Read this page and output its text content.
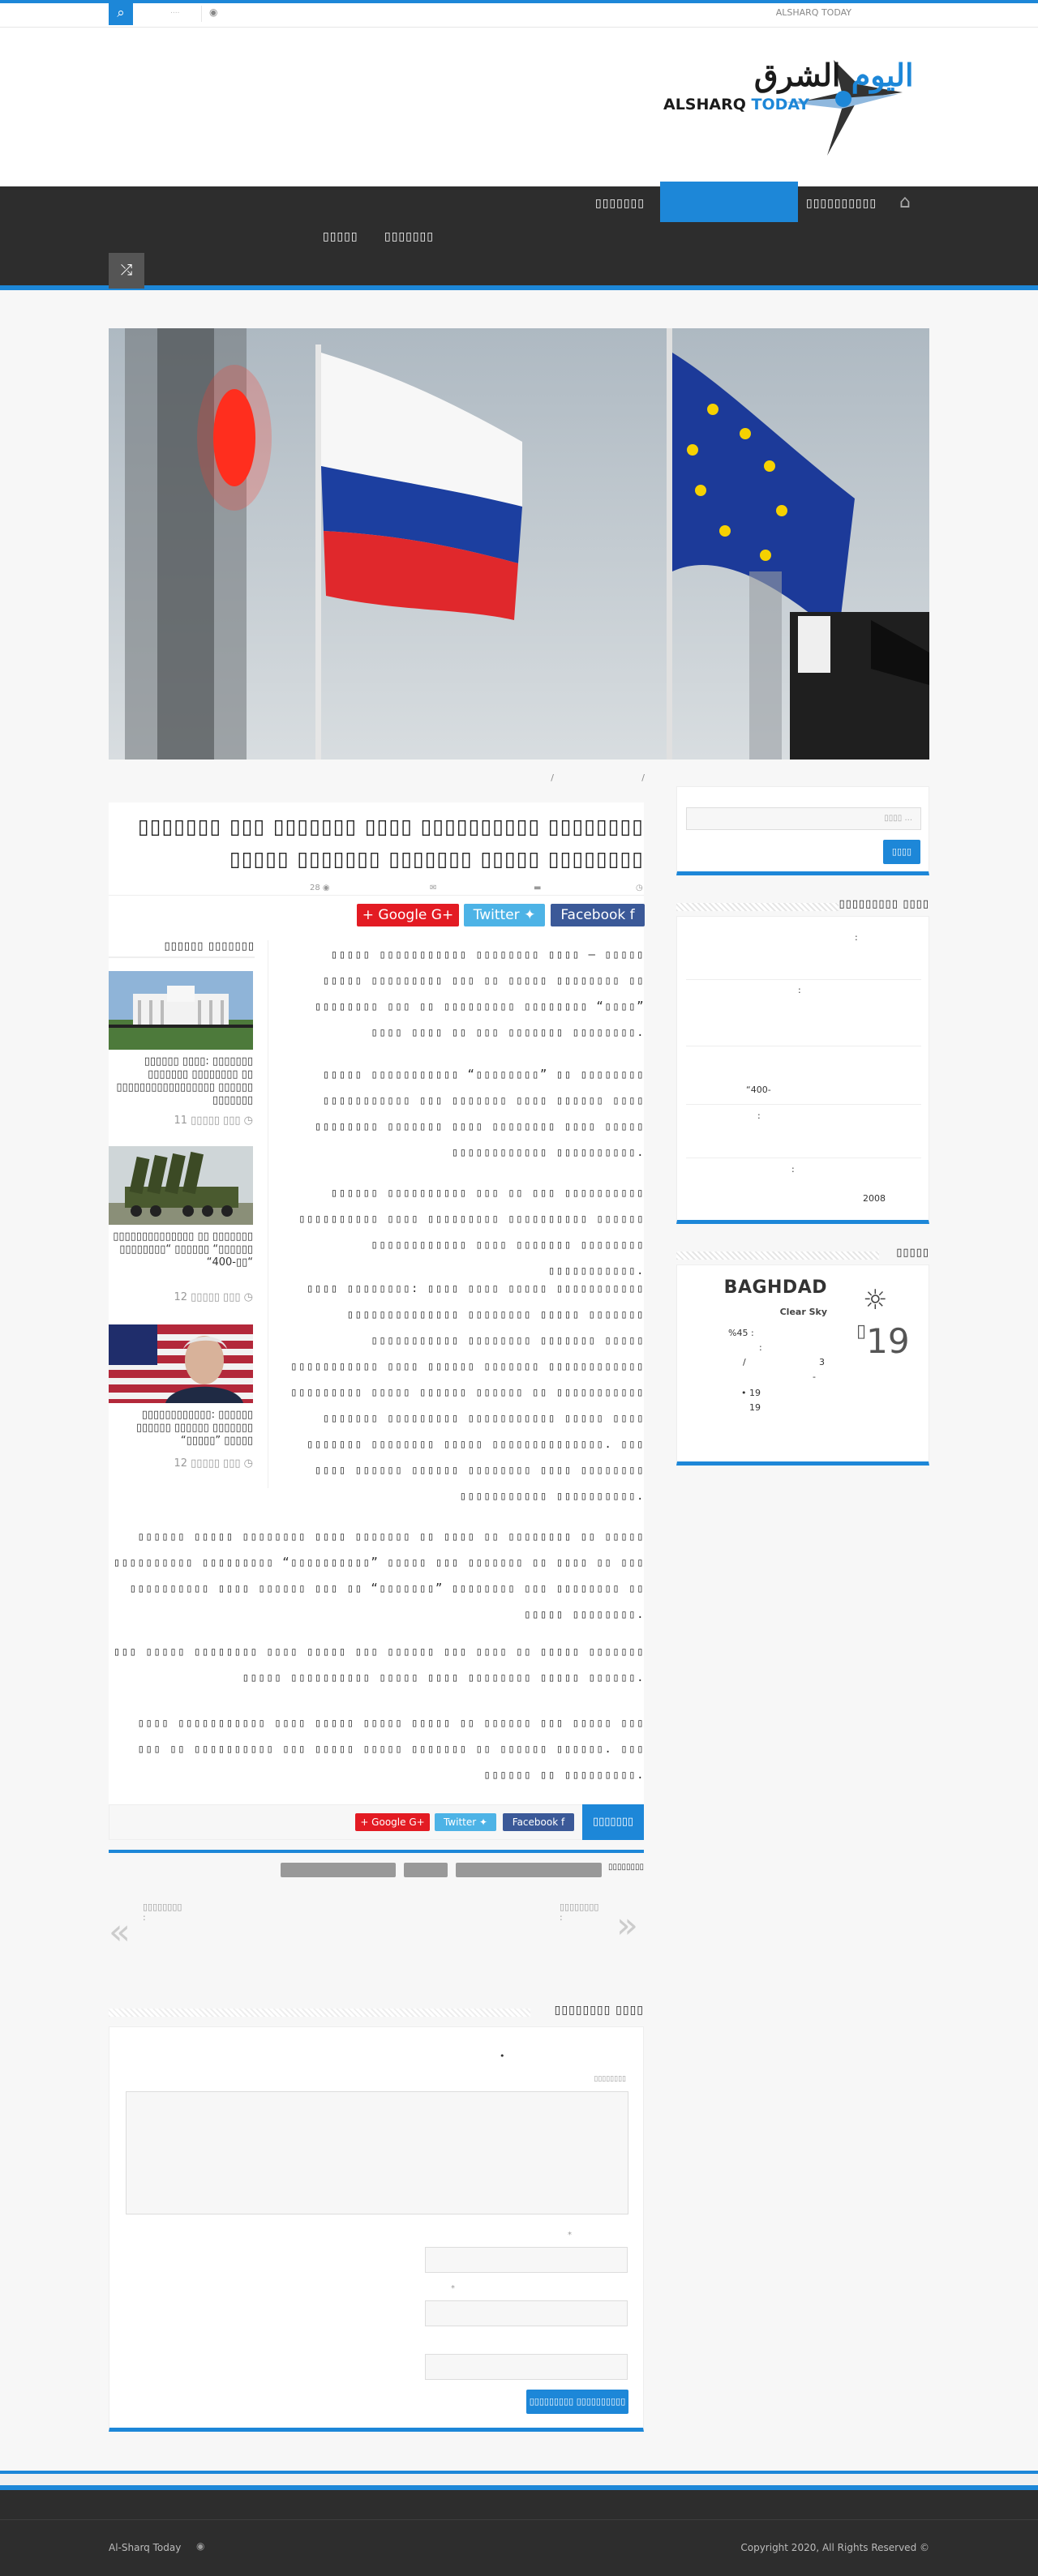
⌕	....	◉	ALSHARQ TODAY
اليوم الشرق
ALSHARQ TODAY
⌂
▯▯▯▯▯▯▯▯▯▯
▯▯▯▯▯▯▯
▯▯▯▯▯▯▯
▯▯▯▯▯
⤮
/                               /
▯▯▯▯▯▯▯ ▯▯▯ ▯▯▯▯▯▯▯ ▯▯▯▯ ▯▯▯▯▯▯▯▯▯▯ ▯▯▯▯▯▯▯▯
▯▯▯▯▯ ▯▯▯▯▯▯▯ ▯▯▯▯▯▯▯ ▯▯▯▯▯ ▯▯▯▯▯▯▯▯
◷
▬
✉
28 ◉
Facebook f
Twitter ✦
+ Google G+
▯▯▯▯▯▯ ▯▯▯▯▯▯▯
▯▯▯▯▯▯ ▯▯▯▯: ▯▯▯▯▯▯▯ ▯▯▯▯▯▯▯ ▯▯▯▯▯▯▯▯ ▯▯ ▯▯▯▯▯▯▯▯▯▯▯▯▯▯▯▯▯ ▯▯▯▯▯▯ ▯▯▯▯▯▯▯
11 ▯▯▯▯▯ ▯▯▯ ◷
▯▯▯▯▯▯▯▯▯▯▯▯▯▯ ▯▯ ▯▯▯▯▯▯▯ ▯▯▯▯▯▯▯▯“ ▯▯▯▯▯▯ “▯▯▯▯▯▯ “400-▯▯“
12 ▯▯▯▯▯ ▯▯▯ ◷
▯▯▯▯▯▯▯▯▯▯▯▯: ▯▯▯▯▯▯ ▯▯▯▯▯▯ ▯▯▯▯▯▯ ▯▯▯▯▯▯▯ “▯▯▯▯▯” ▯▯▯▯▯
12 ▯▯▯▯▯ ▯▯▯ ◷
▯▯▯▯▯ ▯▯▯▯▯▯▯▯▯▯▯ ▯▯▯▯▯▯▯▯ ▯▯▯▯ – ▯▯▯▯▯ ▯▯▯▯▯ ▯▯▯▯▯▯▯▯▯ ▯▯▯ ▯▯ ▯▯▯▯▯ ▯▯▯▯▯▯▯▯ ▯▯ ▯▯▯▯▯▯▯▯ ▯▯▯ ▯▯ ▯▯▯▯▯▯▯▯▯ ▯▯▯▯▯▯▯▯ “▯▯▯▯” ▯▯▯▯ ▯▯▯▯ ▯▯ ▯▯▯ ▯▯▯▯▯▯▯ ▯▯▯▯▯▯▯▯.
▯▯▯▯▯ ▯▯▯▯▯▯▯▯▯▯▯ “▯▯▯▯▯▯▯▯” ▯▯ ▯▯▯▯▯▯▯▯ ▯▯▯▯▯▯▯▯▯▯▯ ▯▯▯ ▯▯▯▯▯▯▯ ▯▯▯▯ ▯▯▯▯▯▯ ▯▯▯▯ ▯▯▯▯▯▯▯▯ ▯▯▯▯▯▯▯ ▯▯▯▯ ▯▯▯▯▯▯▯▯ ▯▯▯▯ ▯▯▯▯▯ ▯▯▯▯▯▯▯▯▯▯▯▯ ▯▯▯▯▯▯▯▯▯▯.
▯▯▯▯▯▯ ▯▯▯▯▯▯▯▯▯▯ ▯▯▯ ▯▯ ▯▯▯ ▯▯▯▯▯▯▯▯▯▯ ▯▯▯▯▯▯▯▯▯▯ ▯▯▯▯ ▯▯▯▯▯▯▯▯▯ ▯▯▯▯▯▯▯▯▯▯ ▯▯▯▯▯▯ ▯▯▯▯▯▯▯▯▯▯▯▯ ▯▯▯▯ ▯▯▯▯▯▯▯ ▯▯▯▯▯▯▯▯ ▯▯▯▯▯▯▯▯▯▯▯.
▯▯▯▯ ▯▯▯▯▯▯▯▯: ▯▯▯▯ ▯▯▯▯ ▯▯▯▯▯ ▯▯▯▯▯▯▯▯▯▯▯ ▯▯▯▯▯▯▯▯▯▯▯▯▯▯ ▯▯▯▯▯▯▯▯ ▯▯▯▯▯ ▯▯▯▯▯▯▯ ▯▯▯▯▯▯▯▯▯▯▯ ▯▯▯▯▯▯▯▯ ▯▯▯▯▯▯▯ ▯▯▯▯▯ ▯▯▯▯▯▯▯▯▯▯▯ ▯▯▯▯ ▯▯▯▯▯▯ ▯▯▯▯▯▯▯ ▯▯▯▯▯▯▯▯▯▯▯▯ ▯▯▯▯▯▯▯▯▯ ▯▯▯▯▯ ▯▯▯▯▯▯ ▯▯▯▯▯▯ ▯▯ ▯▯▯▯▯▯▯▯▯▯▯ ▯▯▯▯▯▯▯ ▯▯▯▯▯▯▯▯▯ ▯▯▯▯▯▯▯▯▯▯▯ ▯▯▯▯▯ ▯▯▯▯ ▯▯▯▯▯▯▯ ▯▯▯▯▯▯▯▯ ▯▯▯▯▯ ▯▯▯▯▯▯▯▯▯▯▯▯▯▯. ▯▯▯ ▯▯▯▯ ▯▯▯▯▯▯ ▯▯▯▯▯▯ ▯▯▯▯▯▯▯▯ ▯▯▯▯ ▯▯▯▯▯▯▯▯ ▯▯▯▯▯▯▯▯▯▯▯ ▯▯▯▯▯▯▯▯▯▯.
▯▯▯▯▯▯ ▯▯▯▯▯ ▯▯▯▯▯▯▯▯ ▯▯▯▯ ▯▯▯▯▯▯▯ ▯▯ ▯▯▯▯ ▯▯ ▯▯▯▯▯▯▯▯ ▯▯ ▯▯▯▯▯ ▯▯▯▯▯▯▯▯▯▯ ▯▯▯▯▯▯▯▯▯ “▯▯▯▯▯▯▯▯▯▯” ▯▯▯▯▯ ▯▯▯ ▯▯▯▯▯▯▯ ▯▯ ▯▯▯▯ ▯▯ ▯▯▯ ▯▯▯▯▯▯▯▯▯▯ ▯▯▯▯ ▯▯▯▯▯▯ ▯▯▯ ▯▯ “▯▯▯▯▯▯▯” ▯▯▯▯▯▯▯▯ ▯▯▯ ▯▯▯▯▯▯▯▯ ▯▯ ▯▯▯▯▯ ▯▯▯▯▯▯▯▯.
▯▯▯ ▯▯▯▯▯ ▯▯▯▯▯▯▯▯ ▯▯▯▯ ▯▯▯▯▯ ▯▯▯ ▯▯▯▯▯▯ ▯▯▯ ▯▯▯▯ ▯▯ ▯▯▯▯▯ ▯▯▯▯▯▯▯ ▯▯▯▯▯ ▯▯▯▯▯▯▯▯▯▯ ▯▯▯▯▯ ▯▯▯▯ ▯▯▯▯▯▯▯▯ ▯▯▯▯▯ ▯▯▯▯▯▯.
▯▯▯▯ ▯▯▯▯▯▯▯▯▯▯▯ ▯▯▯▯ ▯▯▯▯▯ ▯▯▯▯▯ ▯▯▯▯▯ ▯▯ ▯▯▯▯▯▯ ▯▯▯ ▯▯▯▯▯ ▯▯▯ ▯▯▯ ▯▯ ▯▯▯▯▯▯▯▯▯▯ ▯▯▯ ▯▯▯▯▯ ▯▯▯▯▯ ▯▯▯▯▯▯▯ ▯▯ ▯▯▯▯▯▯ ▯▯▯▯▯▯. ▯▯▯ ▯▯▯▯▯▯ ▯▯ ▯▯▯▯▯▯▯▯▯.
▯▯▯▯▯▯▯
Facebook f
Twitter ✦
+ Google G+
▯▯▯▯▯▯▯▯
▯▯▯▯▯▯▯▯
:	»
▯▯▯▯▯▯▯▯
:
«
▯▯▯▯▯▯▯▯ ▯▯▯▯
•
▯▯▯▯▯▯▯▯
*
*
▯▯▯▯▯▯▯▯▯ ▯▯▯▯▯▯▯▯▯▯
▯▯▯▯ ...
▯▯▯▯
▯▯▯▯▯▯▯▯▯ ▯▯▯▯
:
:
“400-
:
:
2008
▯▯▯▯▯
BAGHDAD
Clear Sky ☼
▯19
%45 :
:
/	3
-
• 19
19
Al-Sharq Today ◉	Copyright 2020, All Rights Reserved ©
